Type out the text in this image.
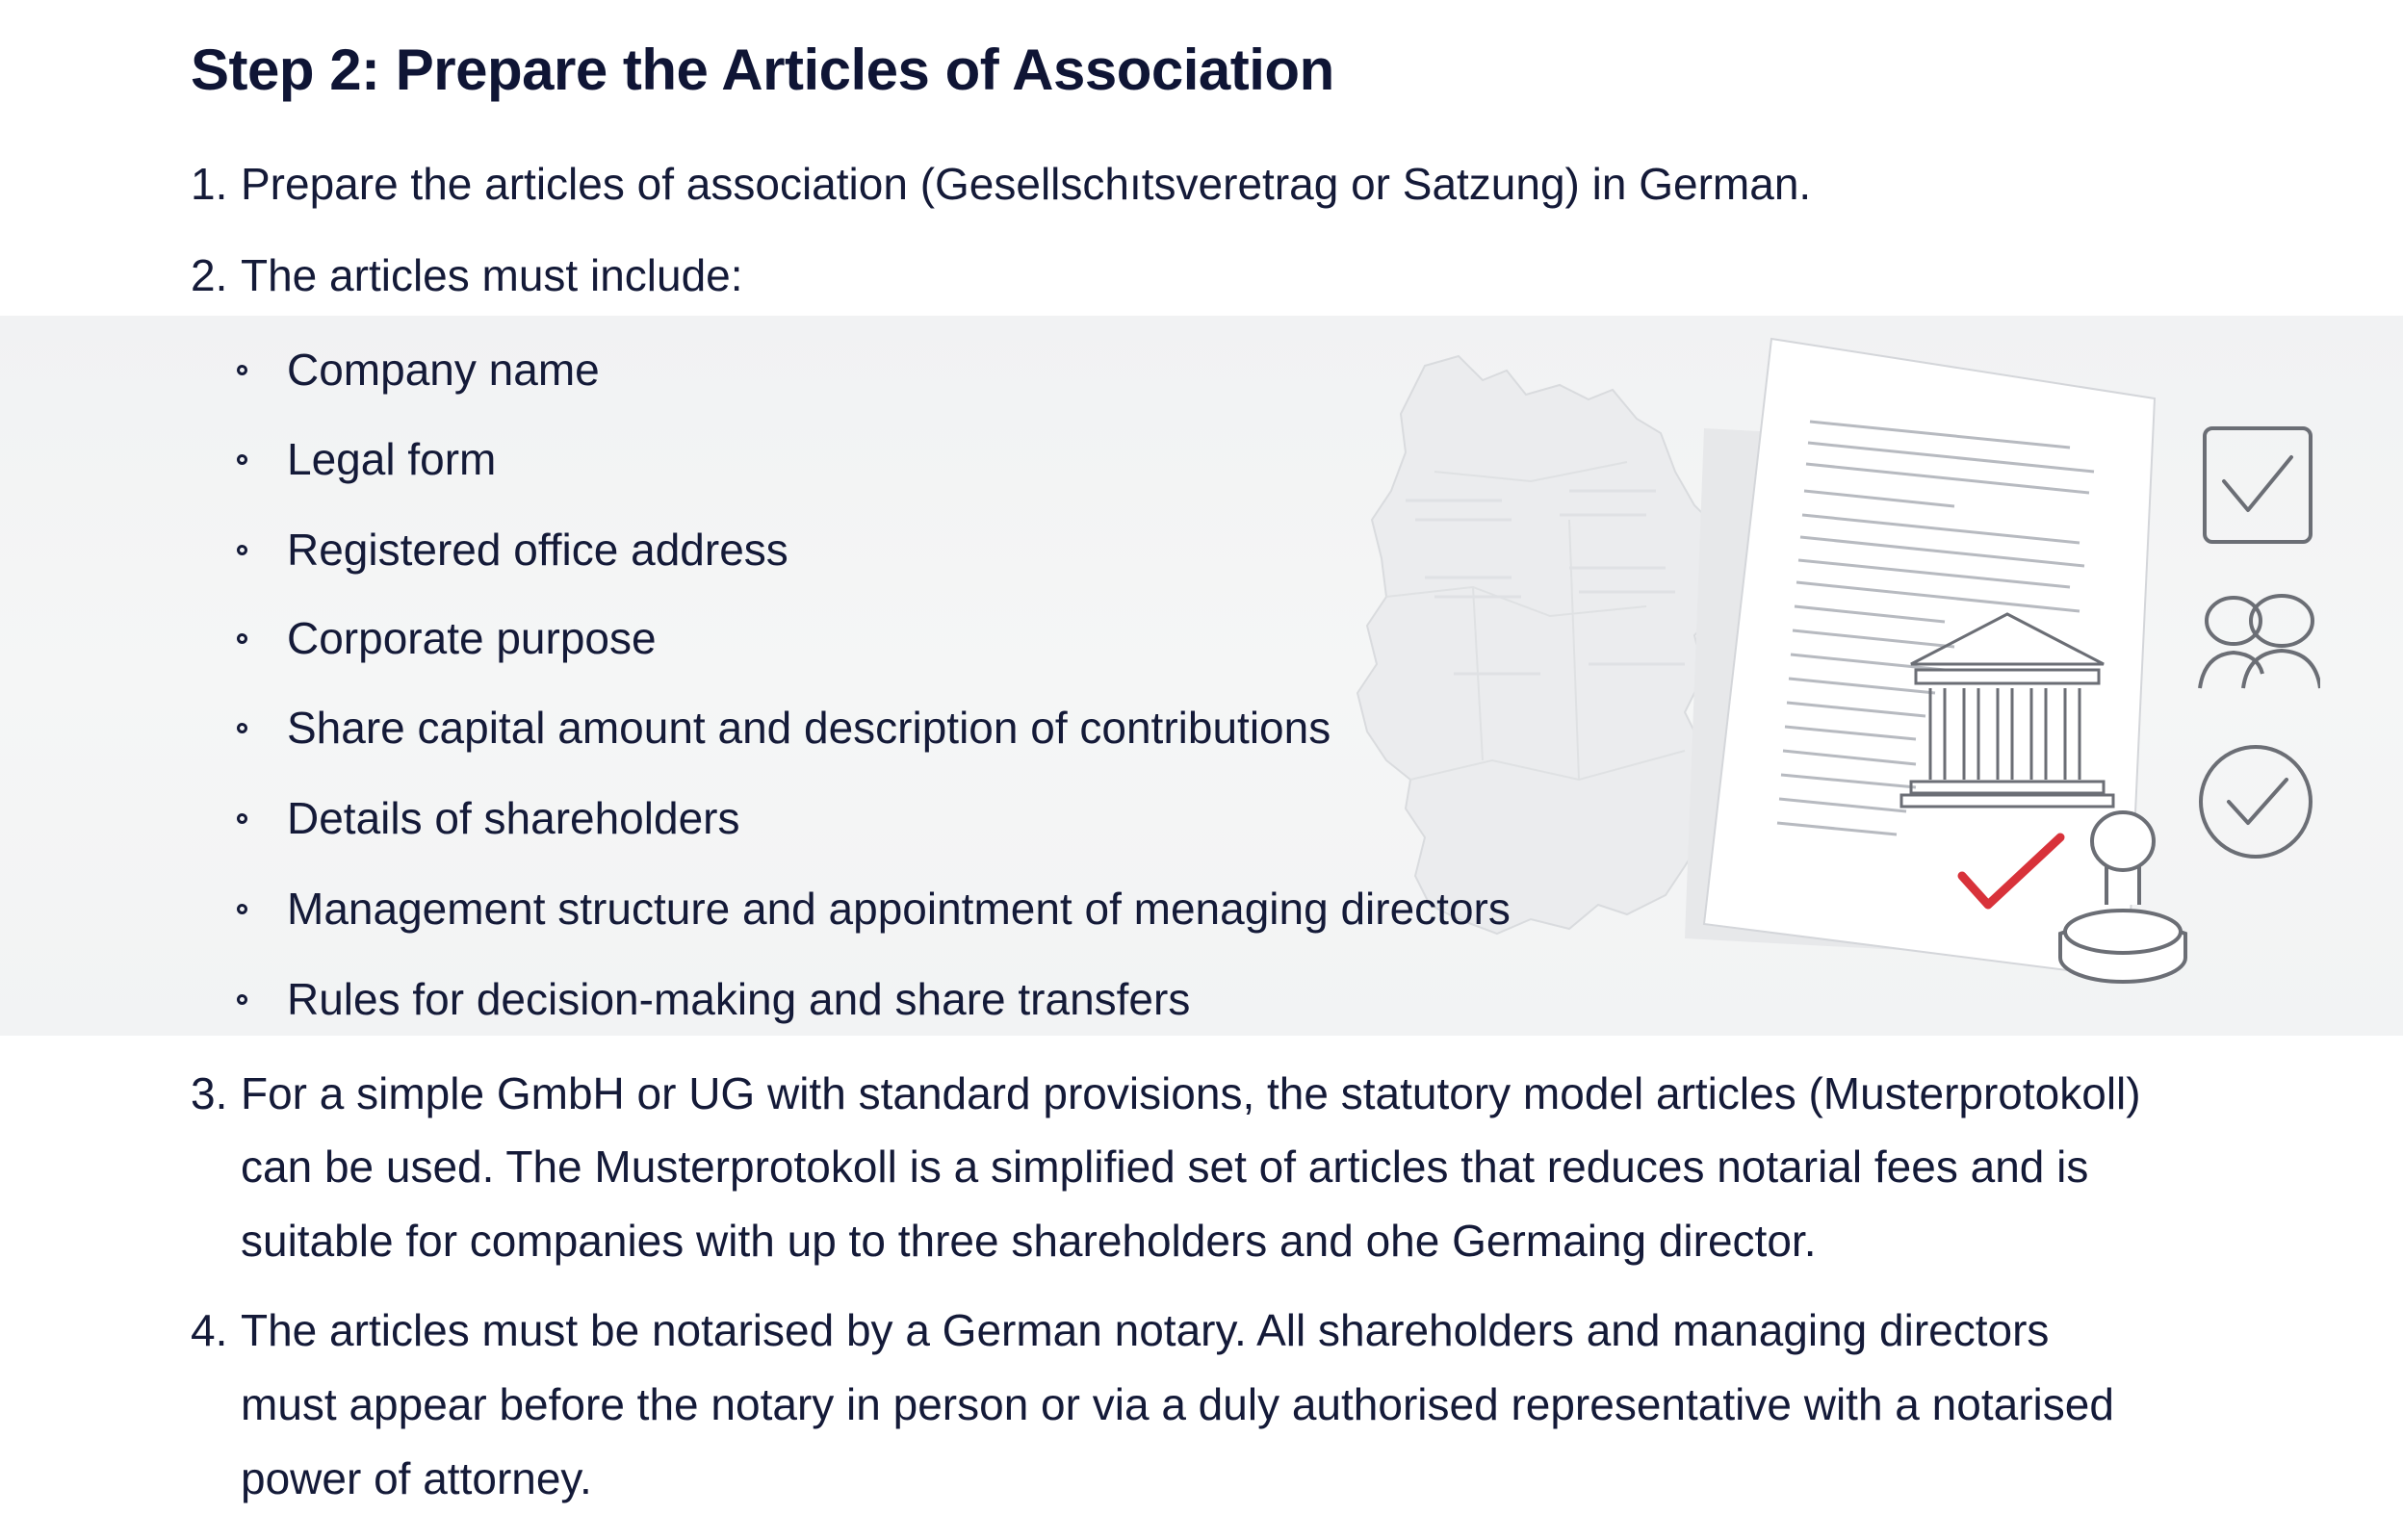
Step 2: Prepare the Articles of Association

1. Prepare the articles of association (Gesellschıtsveretrag or Satzung) in German.

2. The articles must include:

Company name

Legal form

Registered office address

Corporate purpose

Share capital amount and description of contributions

Details of shareholders

Management structure and appointment of menaging directors

Rules for decision-making and share transfers

3. For a simple GmbH or UG with standard provisions, the statutory model articles (Musterprotokoll)

can be used. The Musterprotokoll is a simplified set of articles that reduces notarial fees and is

suitable for companies with up to three shareholders and ohe Germaing director.

4. The articles must be notarised by a German notary. All shareholders and managing directors

must appear before the notary in person or via a duly authorised representative with a notarised

power of attorney.
